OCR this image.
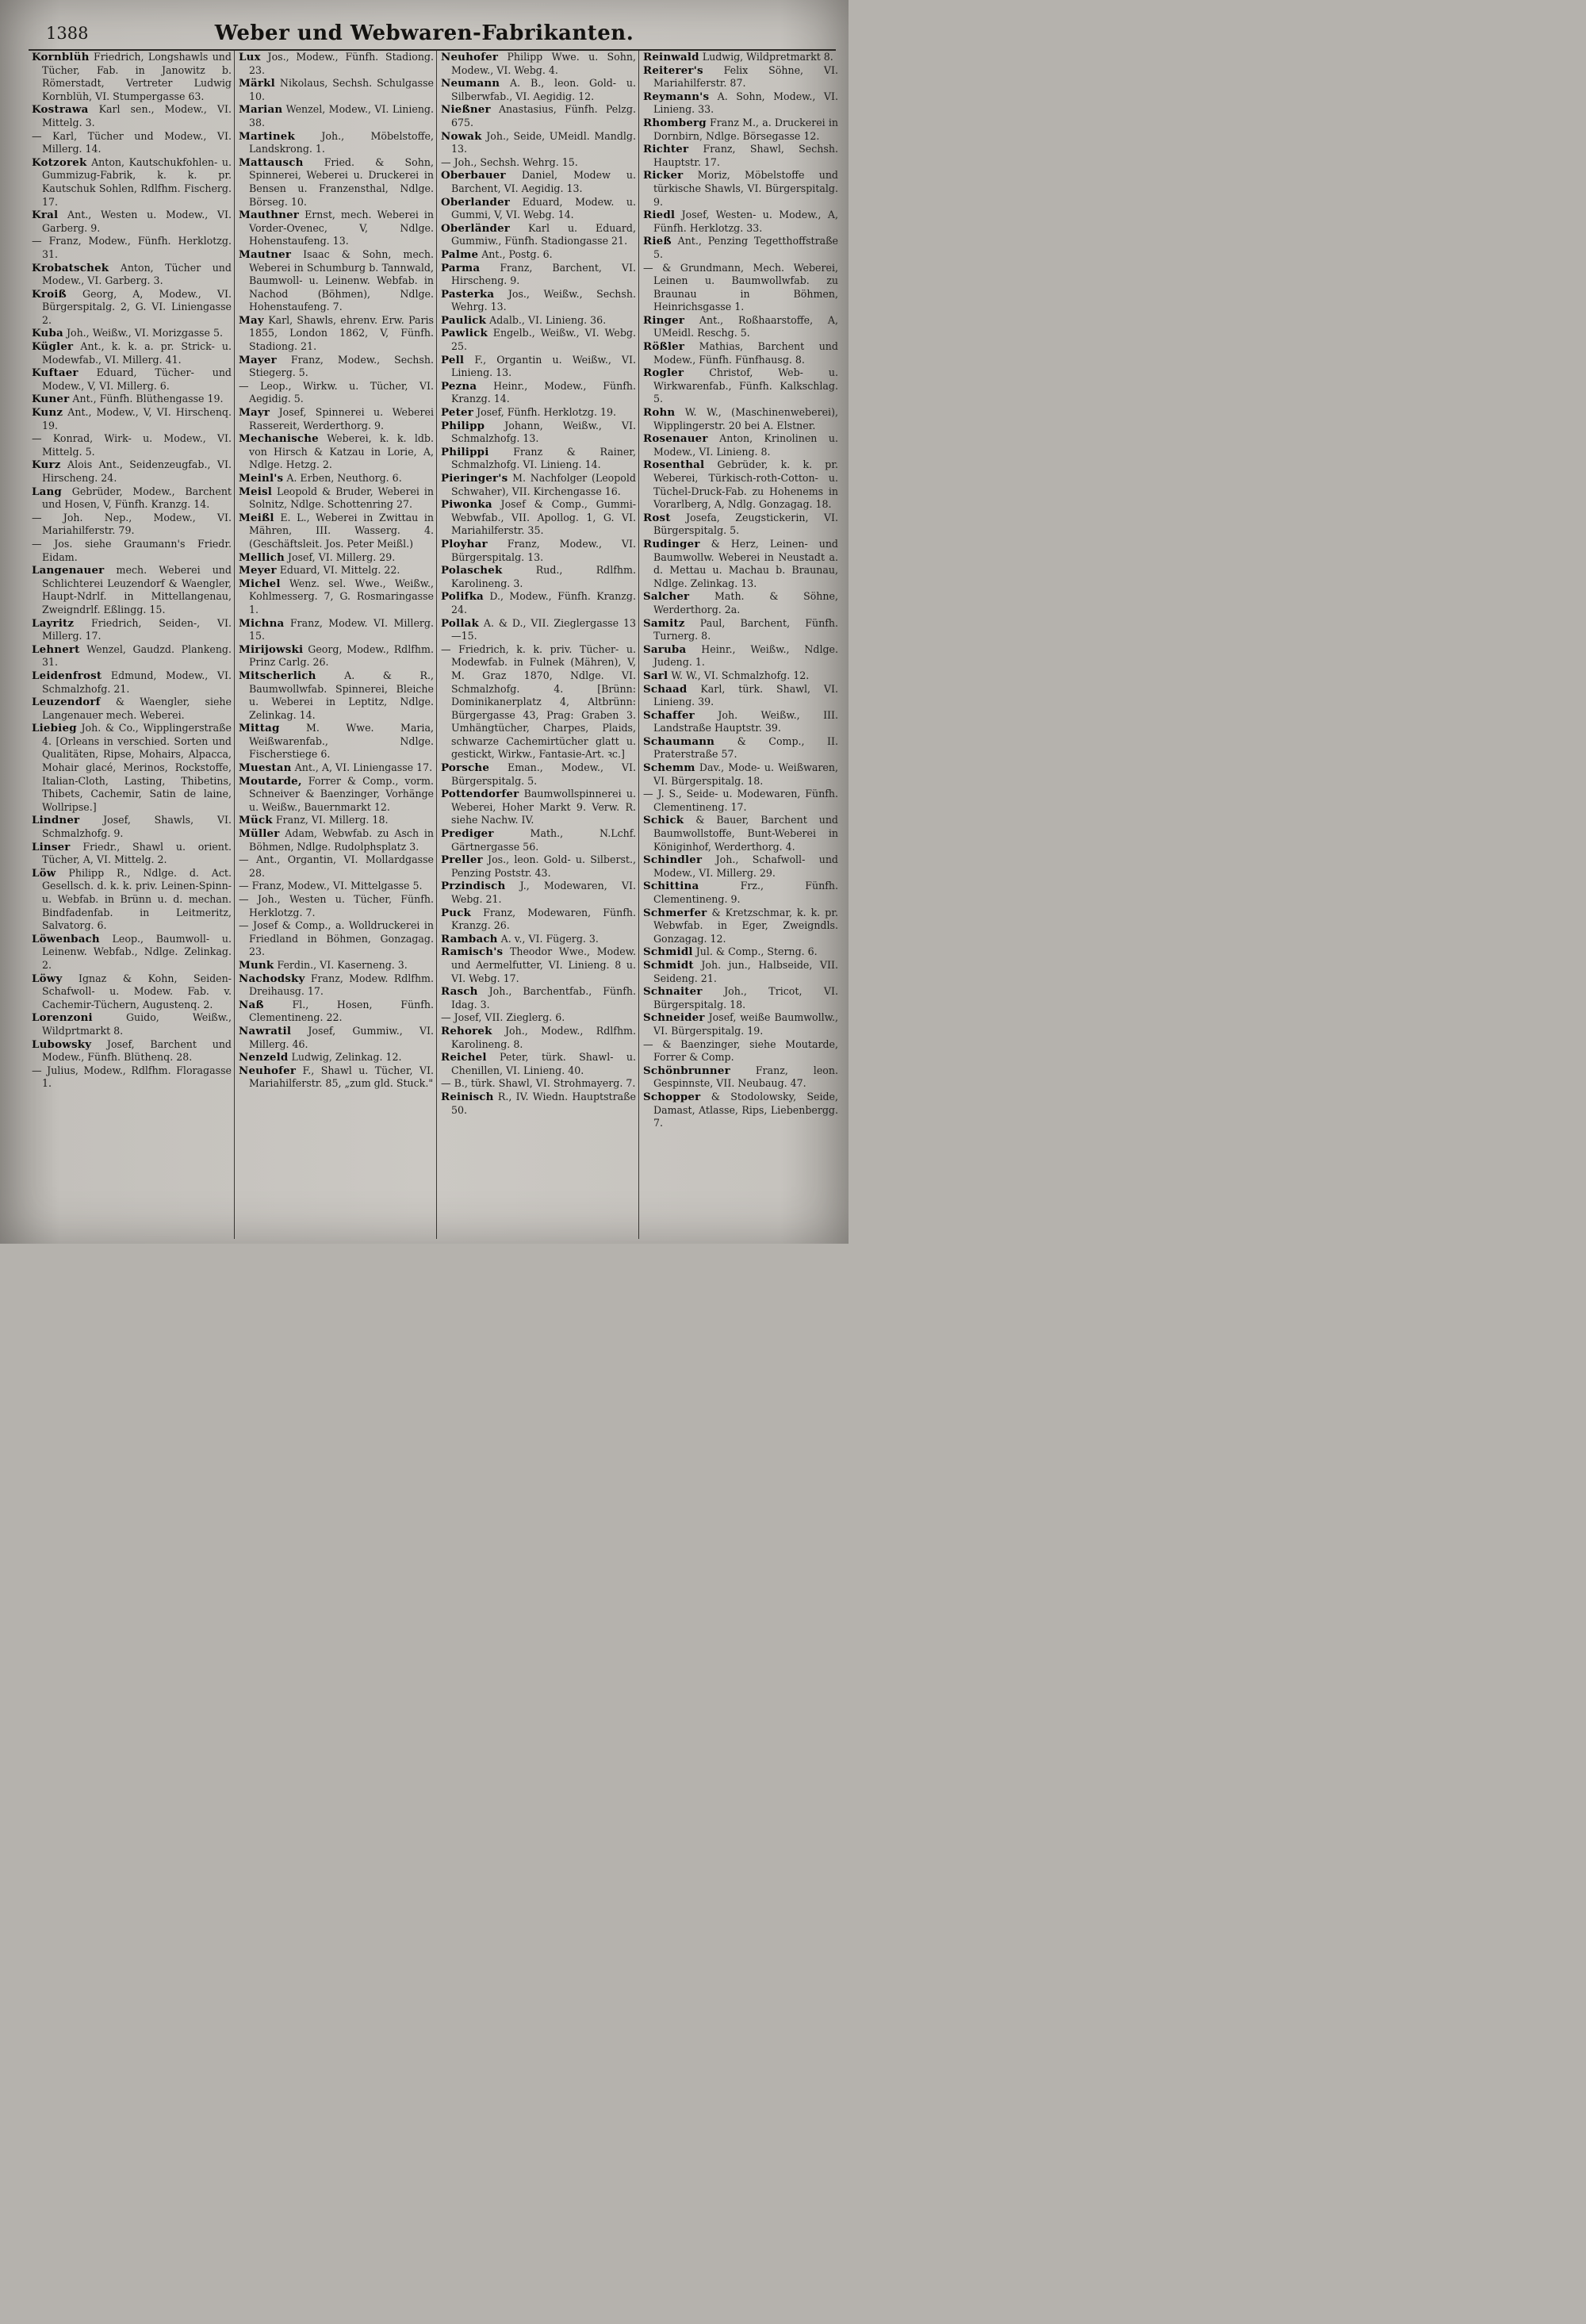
1388	Weber und Webwaren-Fabrikanten.

Kornblüh Friedrich, Longshawls und Tücher, Fab. in Janowitz b. Römerstadt, Vertreter Ludwig Kornblüh, VI. Stumpergasse 63.

Kostrawa Karl sen., Modew., VI. Mittelg. 3.

— Karl, Tücher und Modew., VI. Millerg. 14.

Kotzorek Anton, Kautschukfohlen- u. Gummizug-Fabrik, k. k. pr. Kautschuk Sohlen, Rdlfhm. Fischerg. 17.

Kral Ant., Westen u. Modew., VI. Garberg. 9.

— Franz, Modew., Fünfh. Herklotzg. 31.

Krobatschek Anton, Tücher und Modew., VI. Garberg. 3.

Kroiß Georg, A, Modew., VI. Bürgerspitalg. 2, G. VI. Liniengasse 2.

Kuba Joh., Weißw., VI. Morizgasse 5.

Kügler Ant., k. k. a. pr. Strick- u. Modewfab., VI. Millerg. 41.

Kuftaer Eduard, Tücher- und Modew., V, VI. Millerg. 6.

Kuner Ant., Fünfh. Blüthengasse 19.

Kunz Ant., Modew., V, VI. Hirschenq. 19.

— Konrad, Wirk- u. Modew., VI. Mittelg. 5.

Kurz Alois Ant., Seidenzeugfab., VI. Hirscheng. 24.

Lang Gebrüder, Modew., Barchent und Hosen, V, Fünfh. Kranzg. 14.

— Joh. Nep., Modew., VI. Mariahilferstr. 79.

— Jos. siehe Graumann's Friedr. Eidam.

Langenauer mech. Weberei und Schlichterei Leuzendorf & Waengler, Haupt-Ndrlf. in Mittellangenau, Zweigndrlf. Eßlingg. 15.

Layritz Friedrich, Seiden-, VI. Millerg. 17.

Lehnert Wenzel, Gaudzd. Plankeng. 31.

Leidenfrost Edmund, Modew., VI. Schmalzhofg. 21.

Leuzendorf & Waengler, siehe Langenauer mech. Weberei.

Liebieg Joh. & Co., Wipplingerstraße 4. [Orleans in verschied. Sorten und Qualitäten, Ripse, Mohairs, Alpacca, Mohair glacé, Merinos, Rockstoffe, Italian-Cloth, Lasting, Thibetins, Thibets, Cachemir, Satin de laine, Wollripse.]

Lindner Josef, Shawls, VI. Schmalzhofg. 9.

Linser Friedr., Shawl u. orient. Tücher, A, VI. Mittelg. 2.

Löw Philipp R., Ndlge. d. Act. Gesellsch. d. k. k. priv. Leinen-Spinn- u. Webfab. in Brünn u. d. mechan. Bindfadenfab. in Leitmeritz, Salvatorg. 6.

Löwenbach Leop., Baumwoll- u. Leinenw. Webfab., Ndlge. Zelinkag. 2.

Löwy Ignaz & Kohn, Seiden- Schafwoll- u. Modew. Fab. v. Cachemir-Tüchern, Augustenq. 2.

Lorenzoni	Guido, Weißw., Wildprtmarkt 8.

Lubowsky Josef, Barchent und Modew., Fünfh. Blüthenq. 28.

— Julius, Modew., Rdlfhm. Floragasse 1.

Lux Jos., Modew., Fünfh. Stadiong. 23.

Märkl Nikolaus, Sechsh. Schulgasse 10.

Marian Wenzel, Modew., VI. Linieng. 38.

Martinek	Joh., Möbelstoffe, Landskrong. 1.

Mattausch Fried. & Sohn, Spinnerei, Weberei u. Druckerei in Bensen u. Franzensthal, Ndlge. Börseg. 10.

Mauthner Ernst, mech. Weberei in Vorder-Ovenec, V, Ndlge. Hohenstaufeng. 13.

Mautner Isaac & Sohn, mech. Weberei in Schumburg b. Tannwald, Baumwoll- u. Leinenw. Webfab. in Nachod (Böhmen), Ndlge. Hohenstaufeng. 7.

May Karl, Shawls, ehrenv. Erw. Paris 1855, London 1862, V, Fünfh. Stadiong. 21.

Mayer Franz, Modew., Sechsh. Stiegerg. 5.

— Leop., Wirkw. u. Tücher, VI. Aegidig. 5.

Mayr Josef, Spinnerei u. Weberei Rassereit, Werderthorg. 9.

Mechanische Weberei, k. k. ldb. von Hirsch & Katzau in Lorie, A, Ndlge. Hetzg. 2.

Meinl's A. Erben, Neuthorg. 6.

Meisl Leopold & Bruder, Weberei in Solnitz, Ndlge. Schottenring 27.

Meißl E. L., Weberei in Zwittau in Mähren, III. Wasserg. 4. (Geschäftsleit. Jos. Peter Meißl.)

Mellich Josef, VI. Millerg. 29.

Meyer Eduard, VI. Mittelg. 22.

Michel Wenz. sel. Wwe., Weißw., Kohlmesserg. 7, G. Rosmaringasse 1.

Michna Franz, Modew. VI. Millerg. 15.

Mirijowski Georg, Modew., Rdlfhm. Prinz Carlg. 26.

Mitscherlich	A. & R., Baumwollwfab. Spinnerei, Bleiche u. Weberei in Leptitz, Ndlge. Zelinkag. 14.

Mittag	M. Wwe. Maria, Weißwarenfab., Ndlge. Fischerstiege 6.

Muestan Ant., A, VI. Liniengasse 17.

Moutarde, Forrer & Comp., vorm. Schneiver & Baenzinger, Vorhänge u. Weißw., Bauernmarkt 12.

Mück Franz, VI. Millerg. 18.

Müller Adam, Webwfab. zu Asch in Böhmen, Ndlge. Rudolphsplatz 3.

— Ant., Organtin, VI. Mollardgasse 28.

— Franz, Modew., VI. Mittelgasse 5.

— Joh., Westen u. Tücher, Fünfh. Herklotzg. 7.

— Josef & Comp., a. Wolldruckerei in Friedland in Böhmen, Gonzagag. 23.

Munk Ferdin., VI. Kaserneng. 3.

Nachodsky Franz, Modew. Rdlfhm. Dreihausg. 17.

Naß	Fl., Hosen, Fünfh. Clementineng. 22.

Nawratil Josef, Gummiw., VI. Millerg. 46.

Nenzeld Ludwig, Zelinkag. 12.

Neuhofer F., Shawl u. Tücher, VI. Mariahilferstr. 85, „zum gld. Stuck."

Neuhofer Philipp Wwe. u. Sohn, Modew., VI. Webg. 4.

Neumann A. B., leon. Gold- u. Silberwfab., VI. Aegidig. 12.

Nießner Anastasius, Fünfh. Pelzg. 675.

Nowak Joh., Seide, UMeidl. Mandlg. 13.

— Joh., Sechsh. Wehrg. 15.

Oberbauer Daniel, Modew u. Barchent, VI. Aegidig. 13.

Oberlander Eduard, Modew. u. Gummi, V, VI. Webg. 14.

Oberländer Karl u. Eduard, Gummiw., Fünfh. Stadiongasse 21.

Palme Ant., Postg. 6.

Parma Franz, Barchent, VI. Hirscheng. 9.

Pasterka Jos., Weißw., Sechsh. Wehrg. 13.

Paulick Adalb., VI. Linieng. 36.

Pawlick Engelb., Weißw., VI. Webg. 25.

Pell F., Organtin u. Weißw., VI. Linieng. 13.

Pezna Heinr., Modew., Fünfh. Kranzg. 14.

Peter Josef, Fünfh. Herklotzg. 19.

Philipp Johann, Weißw., VI. Schmalzhofg. 13.

Philippi Franz & Rainer, Schmalzhofg. VI. Linieng. 14.

Pieringer's M. Nachfolger (Leopold Schwaher), VII. Kirchengasse 16.

Piwonka Josef & Comp., Gummi-Webwfab., VII. Apollog. 1, G. VI. Mariahilferstr. 35.

Ployhar Franz, Modew., VI. Bürgerspitalg. 13.

Polaschek	Rud., Rdlfhm. Karolineng. 3.

Polifka D., Modew., Fünfh. Kranzg. 24.

Pollak A. & D., VII. Zieglergasse 13—15.

— Friedrich, k. k. priv. Tücher- u. Modewfab. in Fulnek (Mähren), V, M. Graz 1870, Ndlge. VI. Schmalzhofg. 4. [Brünn: Dominikanerplatz 4, Altbrünn: Bürgergasse 43, Prag: Graben 3. Umhängtücher, Charpes, Plaids, schwarze Cachemirtücher glatt u. gestickt, Wirkw., Fantasie-Art. ꝛc.]

Porsche Eman., Modew., VI. Bürgerspitalg. 5.

Pottendorfer Baumwollspinnerei u. Weberei, Hoher Markt 9. Verw. R. siehe Nachw. IV.

Prediger	Math., N.Lchf. Gärtnergasse 56.

Preller Jos., leon. Gold- u. Silberst., Penzing Poststr. 43.

Przindisch J., Modewaren, VI. Webg. 21.

Puck Franz, Modewaren, Fünfh. Kranzg. 26.

Rambach A. v., VI. Fügerg. 3.

Ramisch's Theodor Wwe., Modew. und Aermelfutter, VI. Linieng. 8 u. VI. Webg. 17.

Rasch Joh., Barchentfab., Fünfh. Idag. 3.

— Josef, VII. Zieglerg. 6.

Rehorek Joh., Modew., Rdlfhm. Karolineng. 8.

Reichel Peter, türk. Shawl- u. Chenillen, VI. Linieng. 40.

— B., türk. Shawl, VI. Strohmayerg. 7.

Reinisch R., IV. Wiedn. Hauptstraße 50.

Reinwald Ludwig, Wildpretmarkt 8.

Reiterer's Felix Söhne, VI. Mariahilferstr. 87.

Reymann's A. Sohn, Modew., VI. Linieng. 33.

Rhomberg Franz M., a. Druckerei in Dornbirn, Ndlge. Börsegasse 12.

Richter Franz, Shawl, Sechsh. Hauptstr. 17.

Ricker Moriz, Möbelstoffe und türkische Shawls, VI. Bürgerspitalg. 9.

Riedl Josef, Westen- u. Modew., A, Fünfh. Herklotzg. 33.

Rieß Ant., Penzing Tegetthoffstraße 5.

— & Grundmann, Mech. Weberei, Leinen u. Baumwollwfab. zu Braunau in Böhmen, Heinrichsgasse 1.

Ringer Ant., Roßhaarstoffe, A, UMeidl. Reschg. 5.

Rößler Mathias, Barchent und Modew., Fünfh. Fünfhausg. 8.

Rogler	Christof, Web- u. Wirkwarenfab., Fünfh. Kalkschlag. 5.

Rohn W. W., (Maschinenweberei), Wipplingerstr. 20 bei A. Elstner.

Rosenauer Anton, Krinolinen u. Modew., VI. Linieng. 8.

Rosenthal Gebrüder, k. k. pr. Weberei, Türkisch-roth-Cotton- u. Tüchel-Druck-Fab. zu Hohenems in Vorarlberg, A, Ndlg. Gonzagag. 18.

Rost Josefa, Zeugstickerin, VI. Bürgerspitalg. 5.

Rudinger & Herz, Leinen- und Baumwollw. Weberei in Neustadt a. d. Mettau u. Machau b. Braunau, Ndlge. Zelinkag. 13.

Salcher	Math. & Söhne, Werderthorg. 2a.

Samitz Paul, Barchent, Fünfh. Turnerg. 8.

Saruba Heinr., Weißw., Ndlge. Judeng. 1.

Sarl W. W., VI. Schmalzhofg. 12.

Schaad Karl, türk. Shawl, VI. Linieng. 39.

Schaffer Joh. Weißw., III. Landstraße Hauptstr. 39.

Schaumann & Comp., II. Praterstraße 57.

Schemm Dav., Mode- u. Weißwaren, VI. Bürgerspitalg. 18.

— J. S., Seide- u. Modewaren, Fünfh. Clementineng. 17.

Schick & Bauer, Barchent und Baumwollstoffe, Bunt-Weberei in Königinhof, Werderthorg. 4.

Schindler Joh., Schafwoll- und Modew., VI. Millerg. 29.

Schittina	Frz., Fünfh. Clementineng. 9.

Schmerfer & Kretzschmar, k. k. pr. Webwfab. in Eger, Zweigndls. Gonzagag. 12.

Schmidl Jul. & Comp., Sterng. 6.

Schmidt Joh. jun., Halbseide, VII. Seideng. 21.

Schnaiter Joh., Tricot, VI. Bürgerspitalg. 18.

Schneider Josef, weiße Baumwollw., VI. Bürgerspitalg. 19.

— & Baenzinger, siehe Moutarde, Forrer & Comp.

Schönbrunner	Franz, leon. Gespinnste, VII. Neubaug. 47.

Schopper & Stodolowsky, Seide, Damast, Atlasse, Rips, Liebenbergg. 7.
